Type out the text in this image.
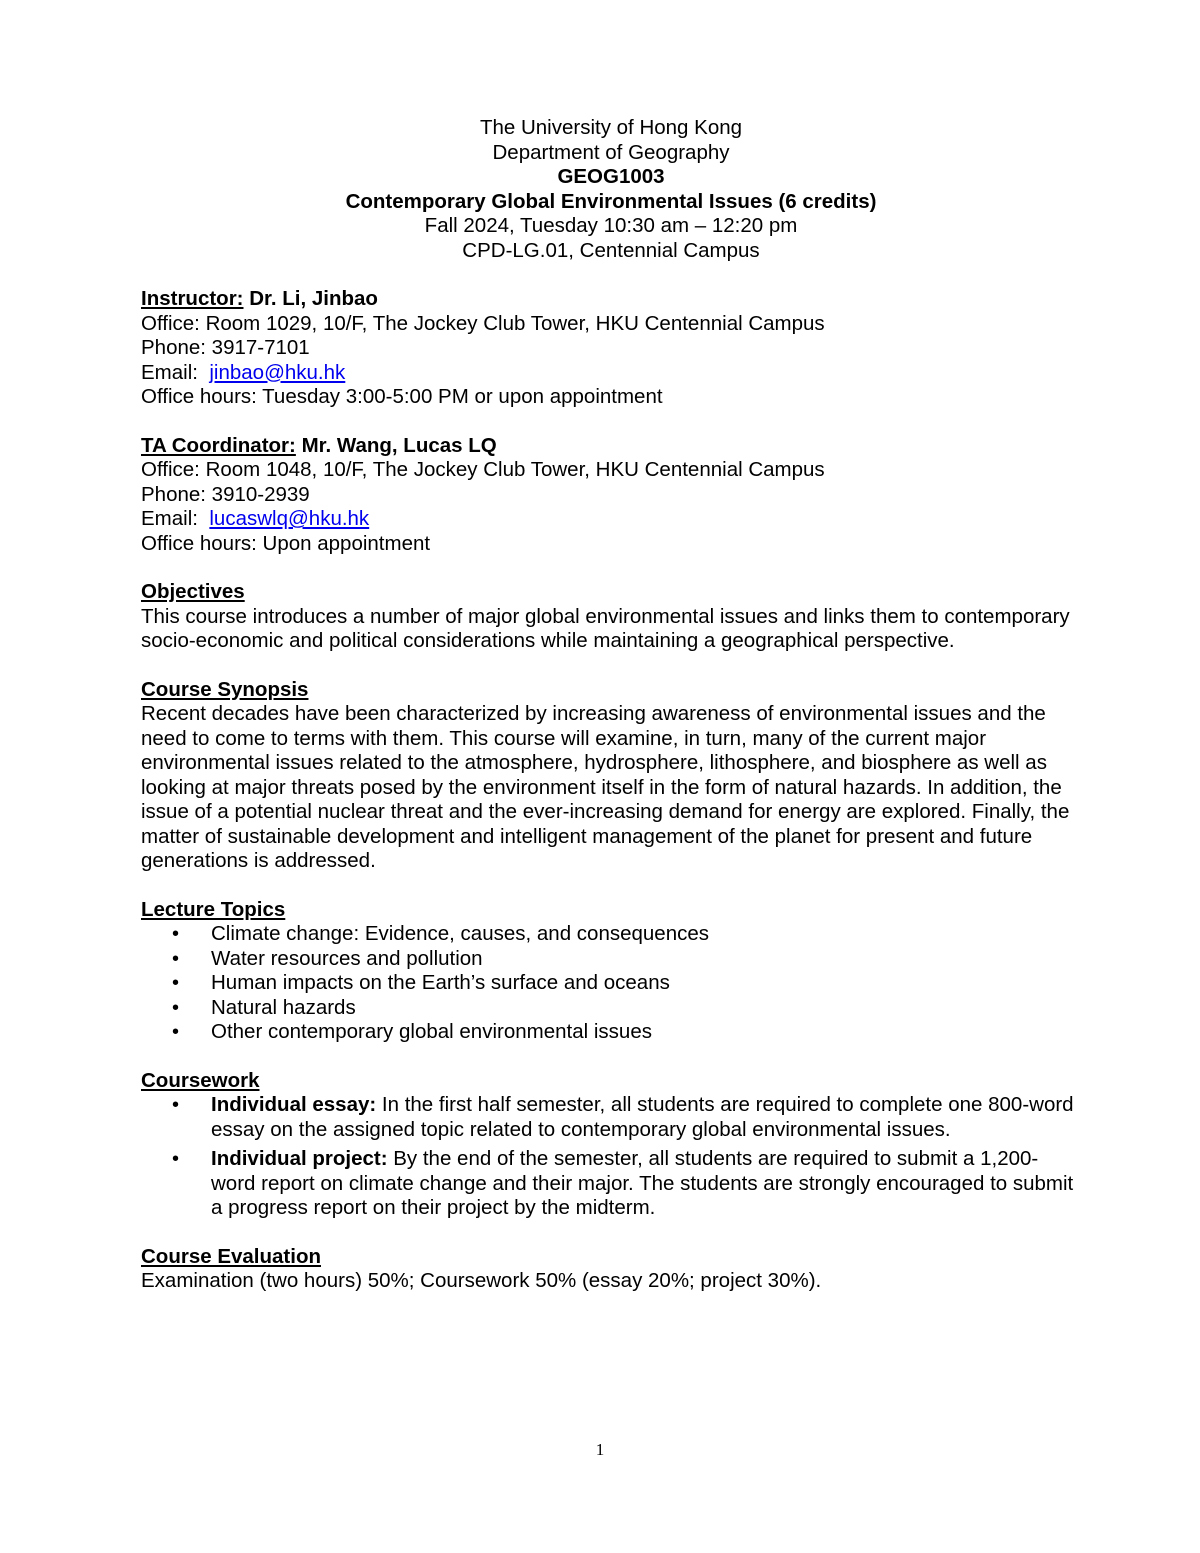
The University of Hong Kong
Department of Geography
GEOG1003
Contemporary Global Environmental Issues (6 credits)
Fall 2024, Tuesday 10:30 am – 12:20 pm
CPD-LG.01, Centennial Campus
Instructor: Dr. Li, Jinbao
Office: Room 1029, 10/F, The Jockey Club Tower, HKU Centennial Campus
Phone: 3917-7101
Email:  jinbao@hku.hk
Office hours: Tuesday 3:00-5:00 PM or upon appointment
TA Coordinator: Mr. Wang, Lucas LQ
Office: Room 1048, 10/F, The Jockey Club Tower, HKU Centennial Campus
Phone: 3910-2939
Email:  lucaswlq@hku.hk
Office hours: Upon appointment
Objectives
This course introduces a number of major global environmental issues and links them to contemporary socio-economic and political considerations while maintaining a geographical perspective.
Course Synopsis
Recent decades have been characterized by increasing awareness of environmental issues and the need to come to terms with them. This course will examine, in turn, many of the current major environmental issues related to the atmosphere, hydrosphere, lithosphere, and biosphere as well as looking at major threats posed by the environment itself in the form of natural hazards. In addition, the issue of a potential nuclear threat and the ever-increasing demand for energy are explored. Finally, the matter of sustainable development and intelligent management of the planet for present and future generations is addressed.
Lecture Topics
• Climate change: Evidence, causes, and consequences
• Water resources and pollution
• Human impacts on the Earth’s surface and oceans
• Natural hazards
• Other contemporary global environmental issues
Coursework
• Individual essay: In the first half semester, all students are required to complete one 800-word essay on the assigned topic related to contemporary global environmental issues.
• Individual project: By the end of the semester, all students are required to submit a 1,200-word report on climate change and their major. The students are strongly encouraged to submit a progress report on their project by the midterm.
Course Evaluation
Examination (two hours) 50%; Coursework 50% (essay 20%; project 30%).
1
